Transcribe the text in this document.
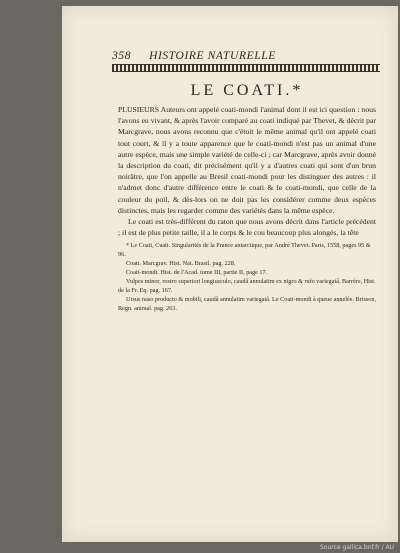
358 HISTOIRE NATURELLE
LE COATI.*

PLUSIEURS Auteurs ont appelé coati-mondi l'animal dont il est ici question : nous l'avons eu vivant, & après l'avoir comparé au coati indiqué par Thevet, & décrit par Marcgrave, nous avons reconnu que c'étoit le même animal qu'il ont appelé coati tout court, & il y a toute apparence que le coati-mondi n'est pas un animal d'une autre espèce, mais une simple variété de celle-ci ; car Marcgrave, après avoir donné la description du coati, dit précisément qu'il y a d'autres coati qui sont d'un brun noirâtre, que l'on appelle au Bresil coati-mondi pour les distinguer des autres : il n'admet donc d'autre différence entre le coati & le coati-mondi, que celle de la couleur du poil, & dès-lors on ne doit pas les considérer comme deux espèces distinctes, mais les regarder comme des variétés dans la même espèce.

Le coati est très-différent du raton que nous avons décrit dans l'article précédent ; il est de plus petite taille, il a le corps & le cou beaucoup plus alongés, la tête

* Le Coati, Cuati. Singularités de la France antarctique, par André Thevet. Paris, 1558, pages 95 & 96.
Coati. Marcgrav. Hist. Nat. Brasil. pag. 228.
Coati-mondi. Hist. de l'Acad. tome III, partie II, page 17.
Vulpes minor, rostro superiori longiusculo, caudâ annulatim ex nigro & rufo variegatâ. Barrère, Hist. de la Fr. Eq. pag. 167.
Ursus naso producto & mobili, caudâ annulatim variegatâ. Le Coati-mondi à queue annelée. Brisson, Regn. animal. pag. 263.
Source gallica.bnf.fr / AU
